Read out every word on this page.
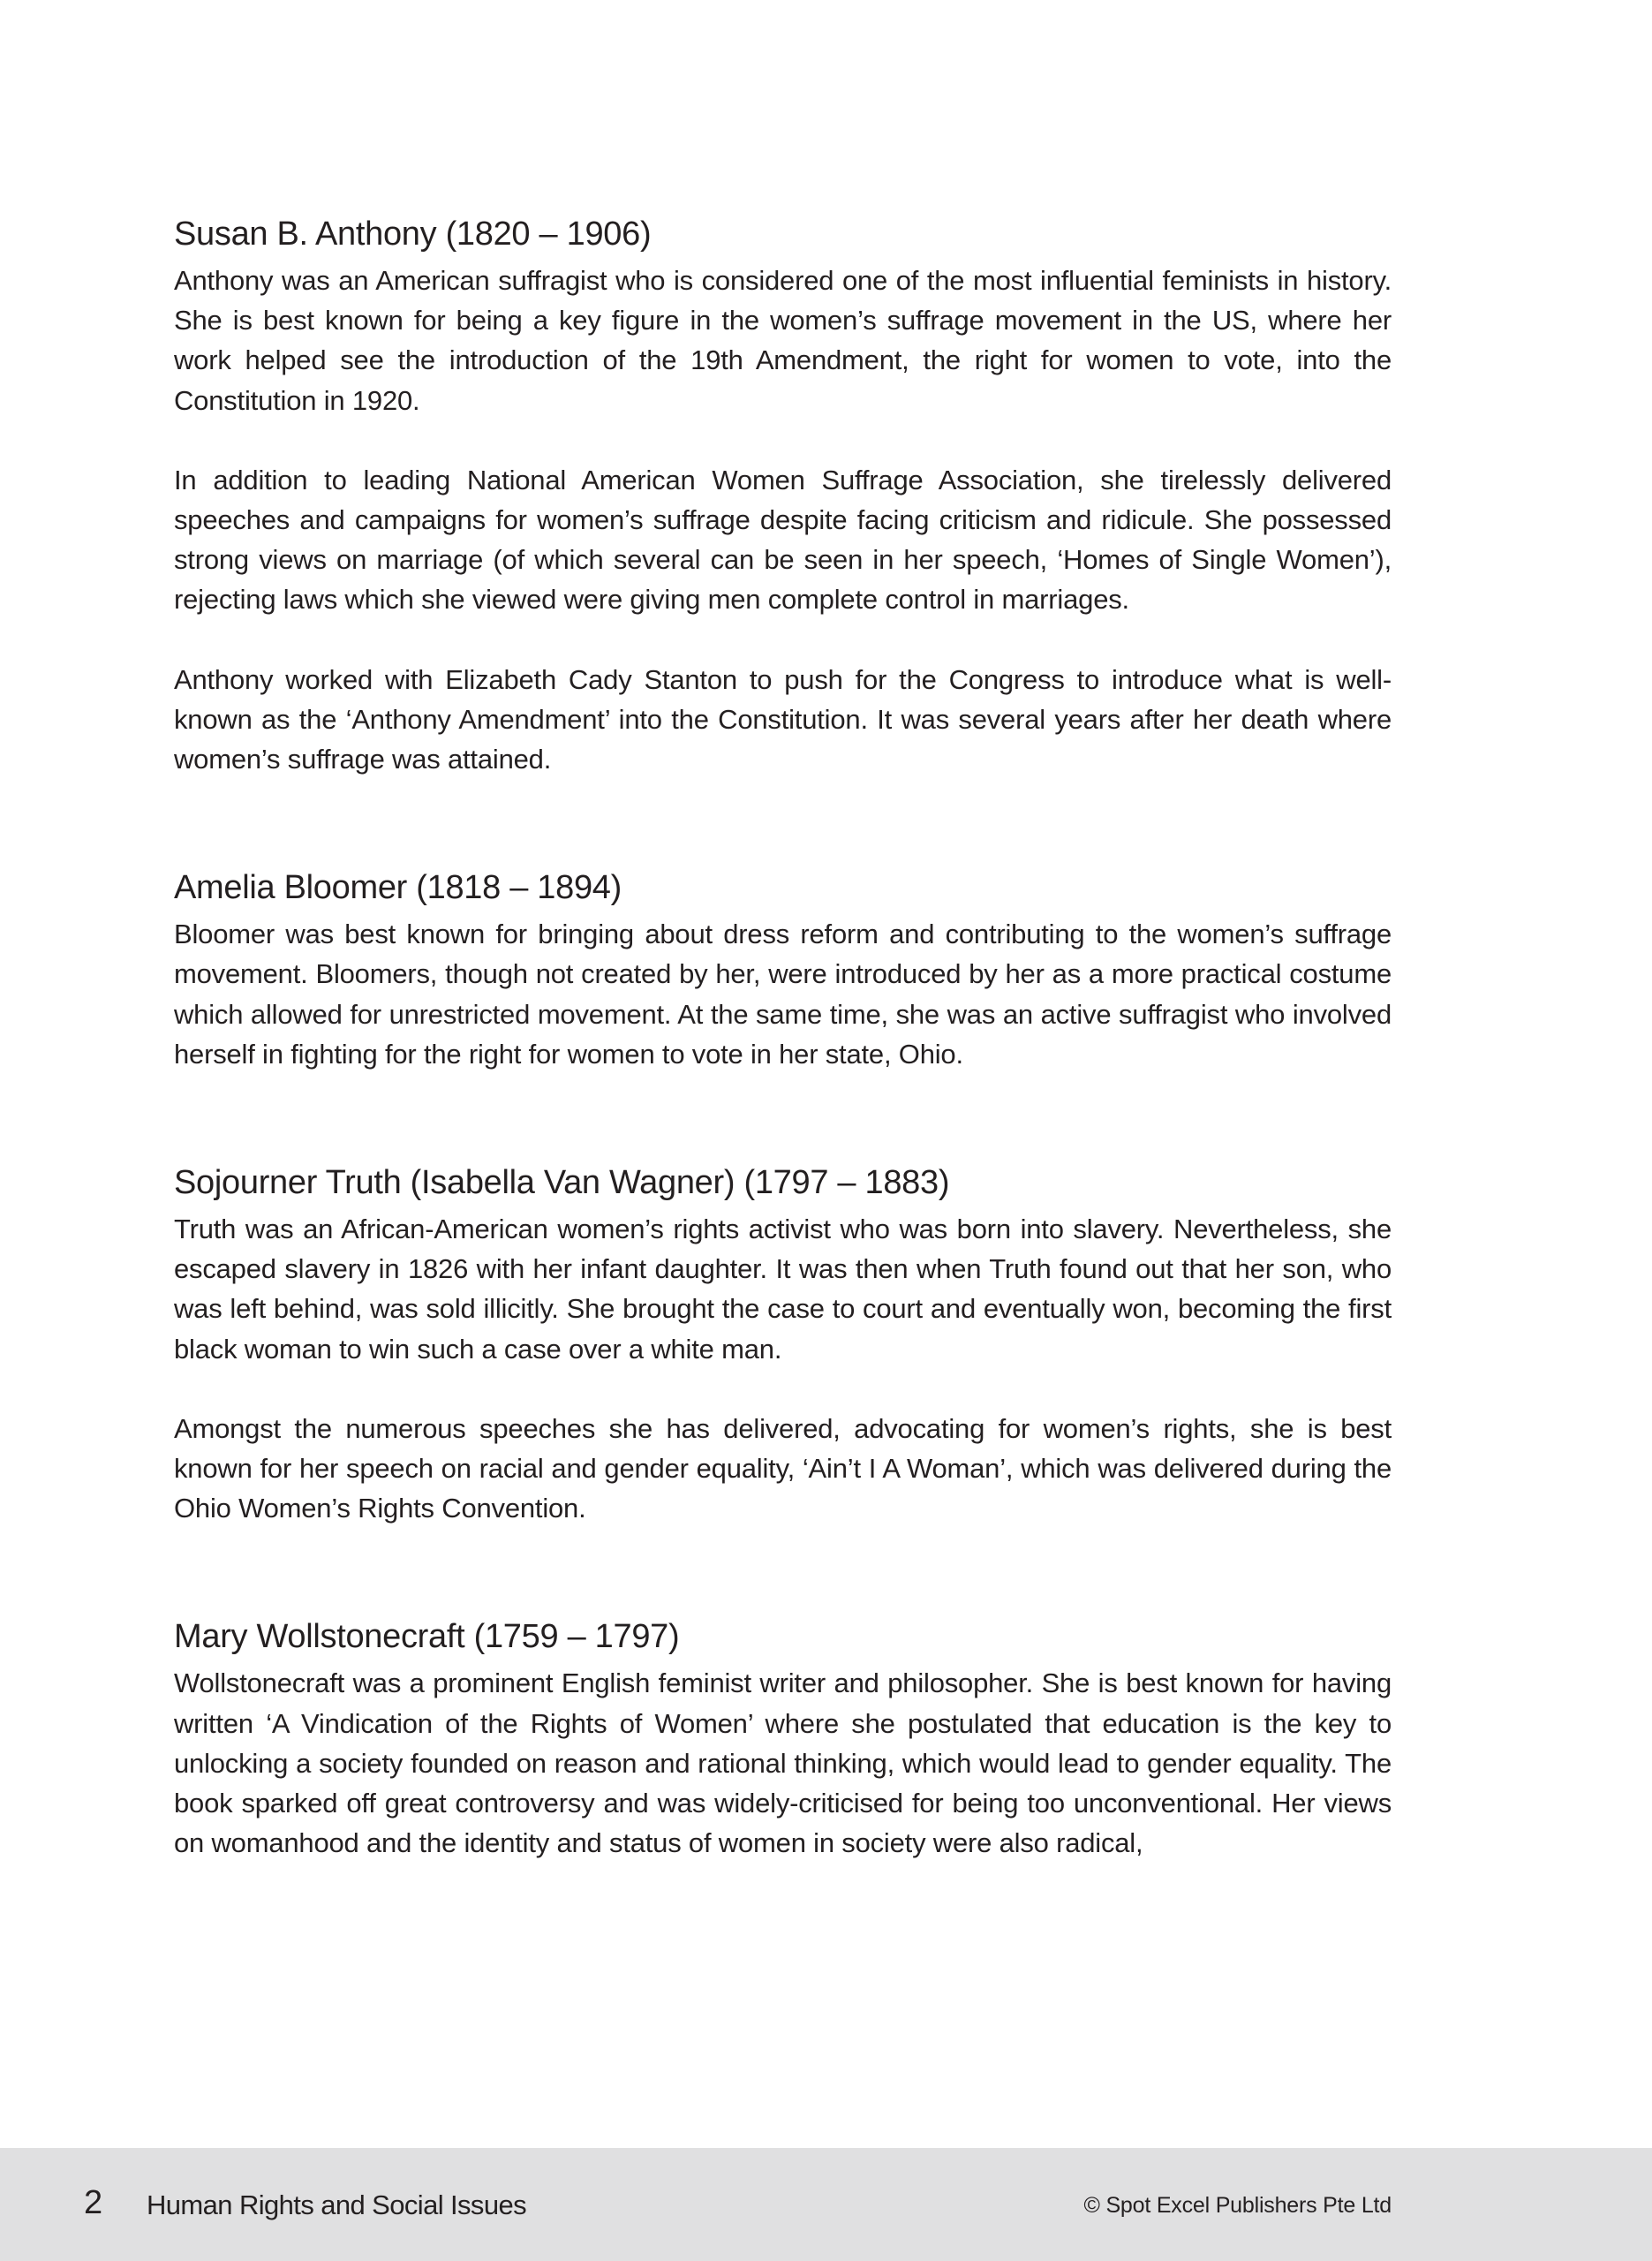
Susan B. Anthony (1820 – 1906)

Anthony was an American suffragist who is considered one of the most influential feminists in history. She is best known for being a key figure in the women’s suffrage movement in the US, where her work helped see the introduction of the 19th Amendment, the right for women to vote, into the Constitution in 1920.

In addition to leading National American Women Suffrage Association, she tirelessly delivered speeches and campaigns for women’s suffrage despite facing criticism and ridicule. She possessed strong views on marriage (of which several can be seen in her speech, ‘Homes of Single Women’), rejecting laws which she viewed were giving men complete control in marriages.

Anthony worked with Elizabeth Cady Stanton to push for the Congress to introduce what is well-known as the ‘Anthony Amendment’ into the Constitution. It was several years after her death where women’s suffrage was attained.

Amelia Bloomer (1818 – 1894)

Bloomer was best known for bringing about dress reform and contributing to the women’s suffrage movement. Bloomers, though not created by her, were introduced by her as a more practical costume which allowed for unrestricted movement. At the same time, she was an active suffragist who involved herself in fighting for the right for women to vote in her state, Ohio.

Sojourner Truth (Isabella Van Wagner) (1797 – 1883)

Truth was an African-American women’s rights activist who was born into slavery. Nevertheless, she escaped slavery in 1826 with her infant daughter. It was then when Truth found out that her son, who was left behind, was sold illicitly. She brought the case to court and eventually won, becoming the first black woman to win such a case over a white man.

Amongst the numerous speeches she has delivered, advocating for women’s rights, she is best known for her speech on racial and gender equality, ‘Ain’t I A Woman’, which was delivered during the Ohio Women’s Rights Convention.

Mary Wollstonecraft (1759 – 1797)

Wollstonecraft was a prominent English feminist writer and philosopher. She is best known for having written ‘A Vindication of the Rights of Women’ where she postulated that education is the key to unlocking a society founded on reason and rational thinking, which would lead to gender equality. The book sparked off great controversy and was widely-criticised for being too unconventional. Her views on womanhood and the identity and status of women in society were also radical,

2 Human Rights and Social Issues	© Spot Excel Publishers Pte Ltd
